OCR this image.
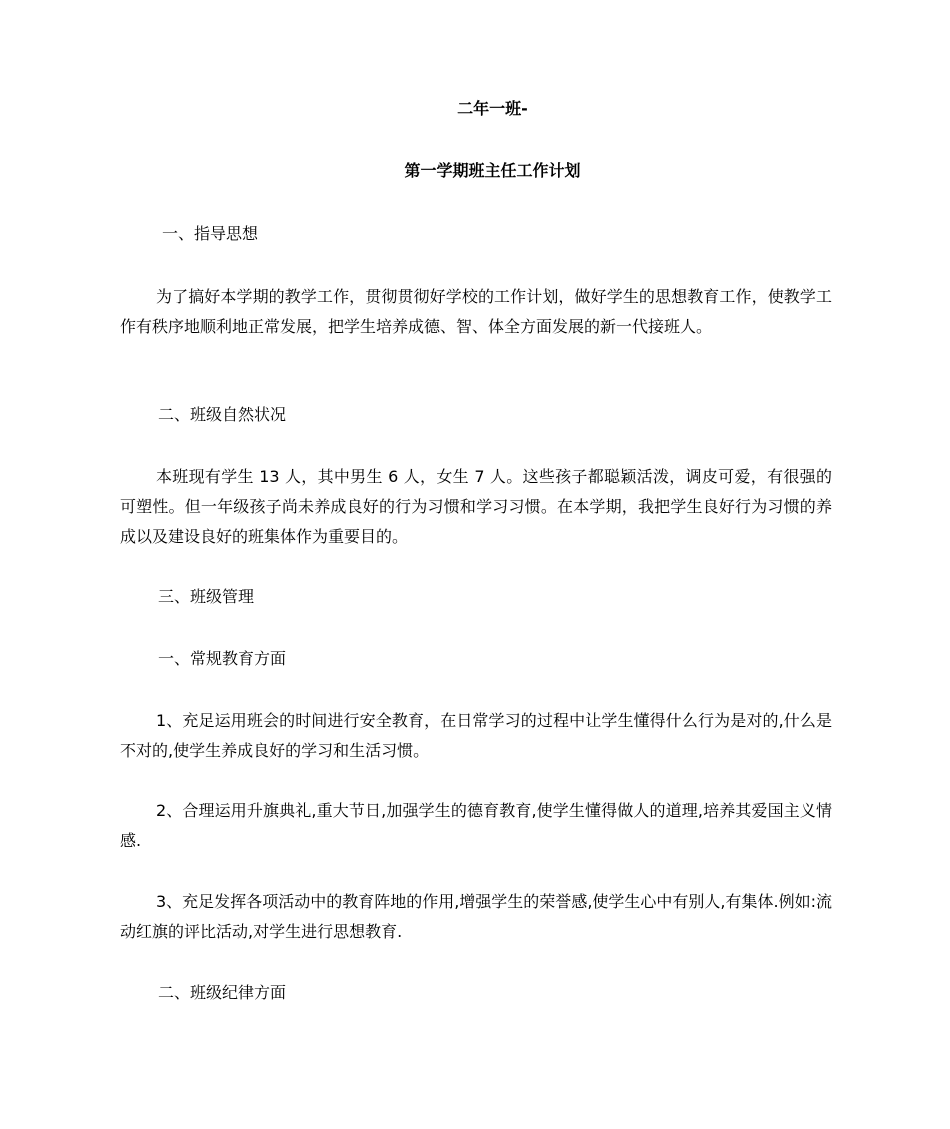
二年一班-
第一学期班主任工作计划
一、指导思想

为了搞好本学期的教学工作，贯彻贯彻好学校的工作计划，做好学生的思想教育工作，使教学工作有秩序地顺利地正常发展，把学生培养成德、智、体全方面发展的新一代接班人。

二、班级自然状况

本班现有学生 13 人，其中男生 6 人，女生 7 人。这些孩子都聪颖活泼，调皮可爱，有很强的可塑性。但一年级孩子尚未养成良好的行为习惯和学习习惯。在本学期，我把学生良好行为习惯的养成以及建设良好的班集体作为重要目的。

三、班级管理
一、常规教育方面

1、充足运用班会的时间进行安全教育，在日常学习的过程中让学生懂得什么行为是对的,什么是不对的,使学生养成良好的学习和生活习惯。

2、合理运用升旗典礼,重大节日,加强学生的德育教育,使学生懂得做人的道理,培养其爱国主义情感.

3、充足发挥各项活动中的教育阵地的作用,增强学生的荣誉感,使学生心中有别人,有集体.例如:流动红旗的评比活动,对学生进行思想教育.

二、班级纪律方面
